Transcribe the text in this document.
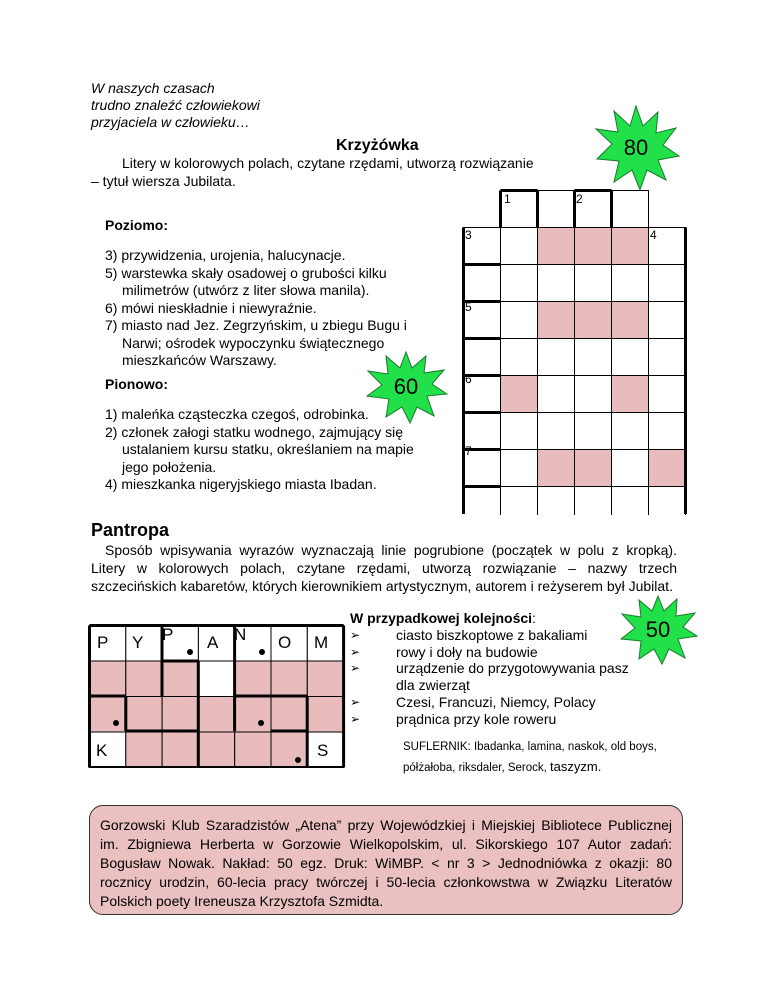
W naszych czasach
trudno znaleźć człowiekowi
przyjaciela w człowieku…
Krzyżówka
Litery w kolorowych polach, czytane rzędami, utworzą rozwiązanie
– tytuł wiersza Jubilata.
80
Poziomo:
3) przywidzenia, urojenia, halucynacje.
5) warstewka skały osadowej o grubości kilku milimetrów (utwórz z liter słowa manila).
6) mówi nieskładnie i niewyraźnie.
7) miasto nad Jez. Zegrzyńskim, u zbiegu Bugu i Narwi; ośrodek wypoczynku świątecznego mieszkańców Warszawy.
60
Pionowo:
1) maleńka cząsteczka czegoś, odrobinka.
2) członek załogi statku wodnego, zajmujący się ustalaniem kursu statku, określaniem na mapie jego położenia.
4) mieszkanka nigeryjskiego miasta Ibadan.
1	2
3	4
5
6
7
Pantropa
Sposób wpisywania wyrazów wyznaczają linie pogrubione (początek w polu z kropką). Litery w kolorowych polach, czytane rzędami, utworzą rozwiązanie – nazwy trzech szczecińskich kabaretów, których kierownikiem artystycznym, autorem i reżyserem był Jubilat.
50
P Y P A N O M
K	S
W przypadkowej kolejności:
➢	ciasto biszkoptowe z bakaliami
➢	rowy i doły na budowie
➢	urządzenie do przygotowywania pasz dla zwierząt
➢	Czesi, Francuzi, Niemcy, Polacy
➢	prądnica przy kole roweru
SUFLERNIK: Ibadanka, lamina, naskok, old boys, półżałoba, riksdaler, Serock, taszyzm.
Gorzowski Klub Szaradzistów „Atena” przy Wojewódzkiej i Miejskiej Bibliotece Publicznej im. Zbigniewa Herberta w Gorzowie Wielkopolskim, ul. Sikorskiego 107 Autor zadań: Bogusław Nowak. Nakład: 50 egz. Druk: WiMBP. < nr 3 > Jednodniówka z okazji: 80 rocznicy urodzin, 60-lecia pracy twórczej i 50-lecia członkowstwa w Związku Literatów Polskich poety Ireneusza Krzysztofa Szmidta.
